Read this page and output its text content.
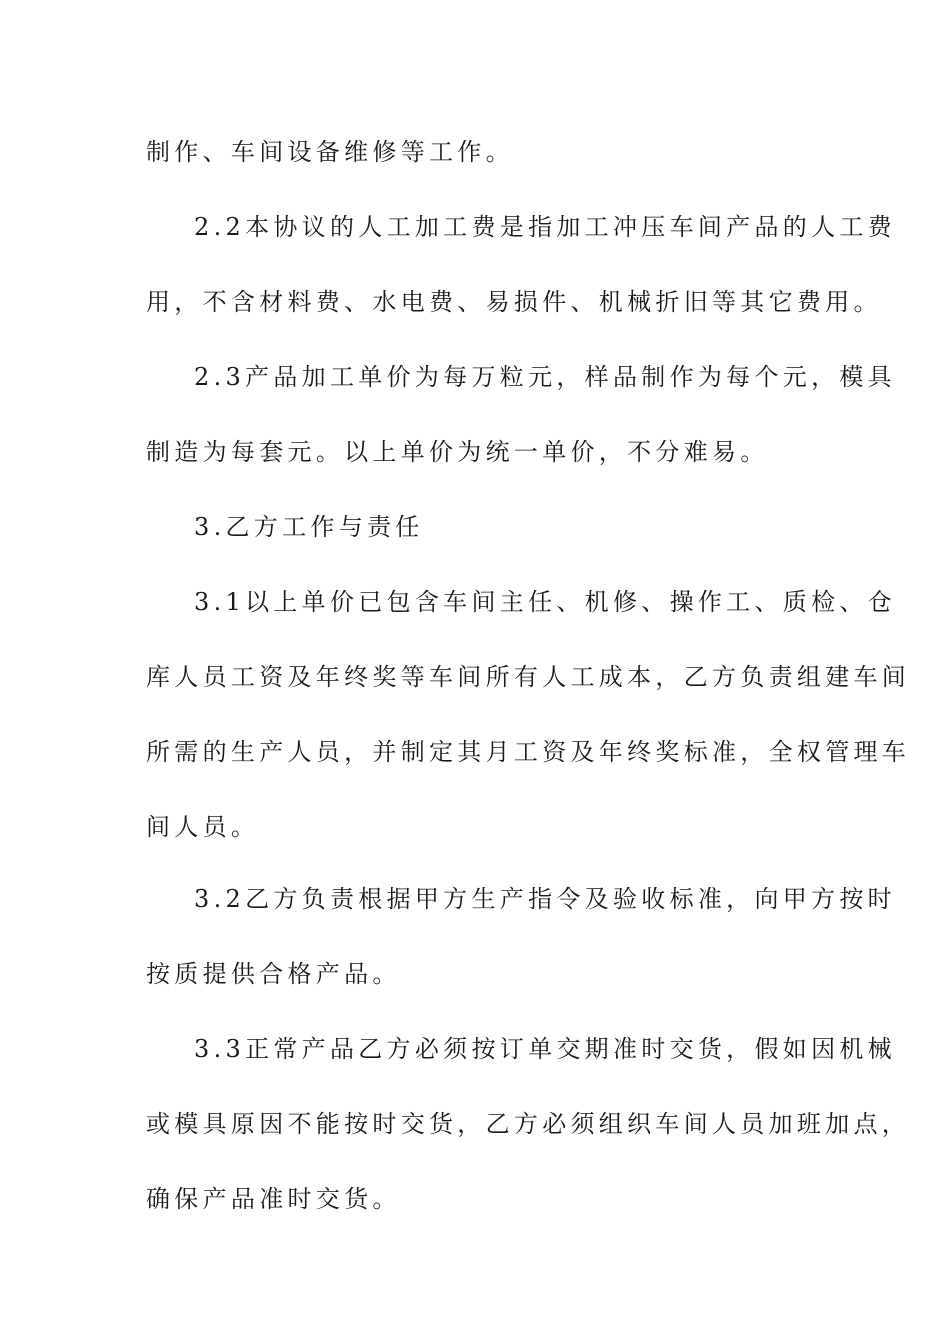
制作、车间设备维修等工作。
2.2本协议的人工加工费是指加工冲压车间产品的人工费
用，不含材料费、水电费、易损件、机械折旧等其它费用。
2.3产品加工单价为每万粒元，样品制作为每个元，模具
制造为每套元。以上单价为统一单价，不分难易。
3.乙方工作与责任
3.1以上单价已包含车间主任、机修、操作工、质检、仓
库人员工资及年终奖等车间所有人工成本，乙方负责组建车间
所需的生产人员，并制定其月工资及年终奖标准，全权管理车
间人员。
3.2乙方负责根据甲方生产指令及验收标准，向甲方按时
按质提供合格产品。
3.3正常产品乙方必须按订单交期准时交货，假如因机械
或模具原因不能按时交货，乙方必须组织车间人员加班加点，
确保产品准时交货。
